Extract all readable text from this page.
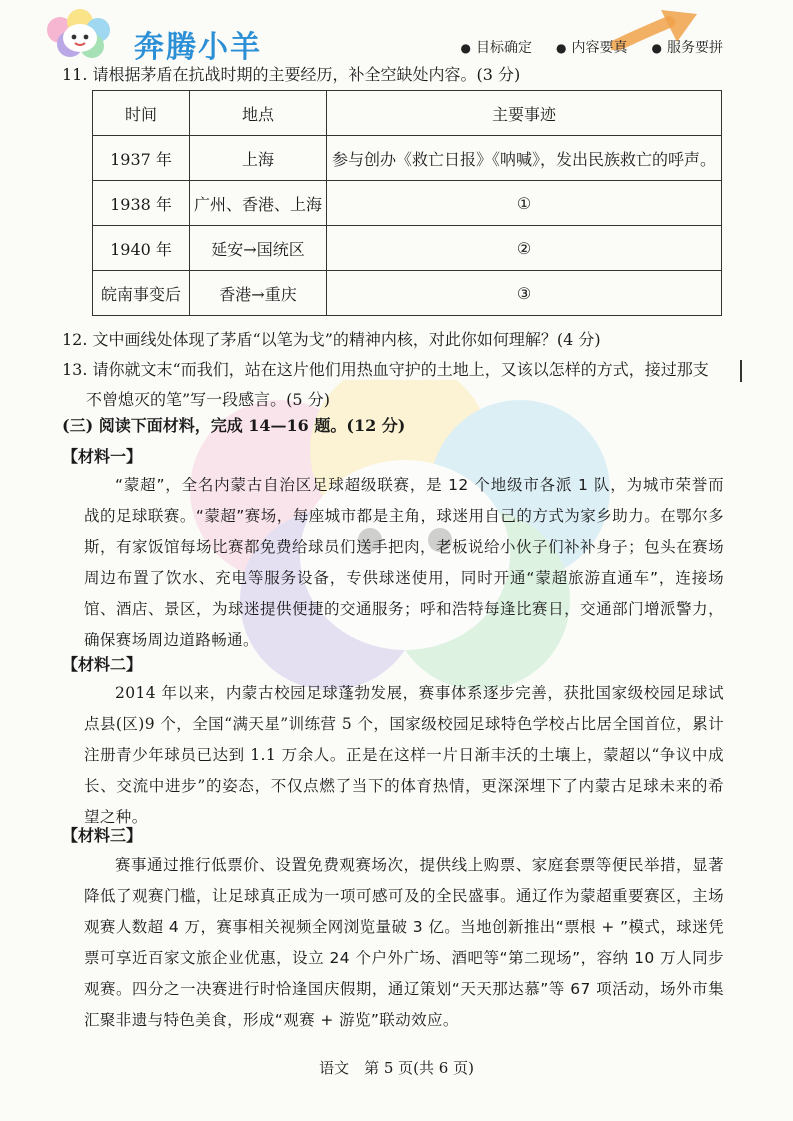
奔腾小羊	● 目标确定	● 内容要真	● 服务要拼
11. 请根据茅盾在抗战时期的主要经历，补全空缺处内容。(3 分)
时间	地点	主要事迹
1937 年	上海	参与创办《救亡日报》《呐喊》，发出民族救亡的呼声。
1938 年	广州、香港、上海	①
1940 年	延安→国统区	②
皖南事变后	香港→重庆	③
12. 文中画线处体现了茅盾“以笔为戈”的精神内核，对此你如何理解？(4 分)
13. 请你就文末“而我们，站在这片他们用热血守护的土地上，又该以怎样的方式，接过那支
不曾熄灭的笔”写一段感言。(5 分)
(三) 阅读下面材料，完成 14—16 题。(12 分)
【材料一】
“蒙超”，全名内蒙古自治区足球超级联赛，是 12 个地级市各派 1 队，为城市荣誉而战的足球联赛。“蒙超”赛场，每座城市都是主角，球迷用自己的方式为家乡助力。在鄂尔多斯，有家饭馆每场比赛都免费给球员们送手把肉，老板说给小伙子们补补身子；包头在赛场周边布置了饮水、充电等服务设备，专供球迷使用，同时开通“蒙超旅游直通车”，连接场馆、酒店、景区，为球迷提供便捷的交通服务；呼和浩特每逢比赛日，交通部门增派警力，确保赛场周边道路畅通。
【材料二】
2014 年以来，内蒙古校园足球蓬勃发展，赛事体系逐步完善，获批国家级校园足球试点县(区)9 个，全国“满天星”训练营 5 个，国家级校园足球特色学校占比居全国首位，累计注册青少年球员已达到 1.1 万余人。正是在这样一片日渐丰沃的土壤上，蒙超以“争议中成长、交流中进步”的姿态，不仅点燃了当下的体育热情，更深深埋下了内蒙古足球未来的希望之种。
【材料三】
赛事通过推行低票价、设置免费观赛场次，提供线上购票、家庭套票等便民举措，显著降低了观赛门槛，让足球真正成为一项可感可及的全民盛事。通辽作为蒙超重要赛区，主场观赛人数超 4 万，赛事相关视频全网浏览量破 3 亿。当地创新推出“票根 + ”模式，球迷凭票可享近百家文旅企业优惠，设立 24 个户外广场、酒吧等“第二现场”，容纳 10 万人同步观赛。四分之一决赛进行时恰逢国庆假期，通辽策划“天天那达慕”等 67 项活动，场外市集汇聚非遗与特色美食，形成“观赛 + 游览”联动效应。
语文　第 5 页(共 6 页)
